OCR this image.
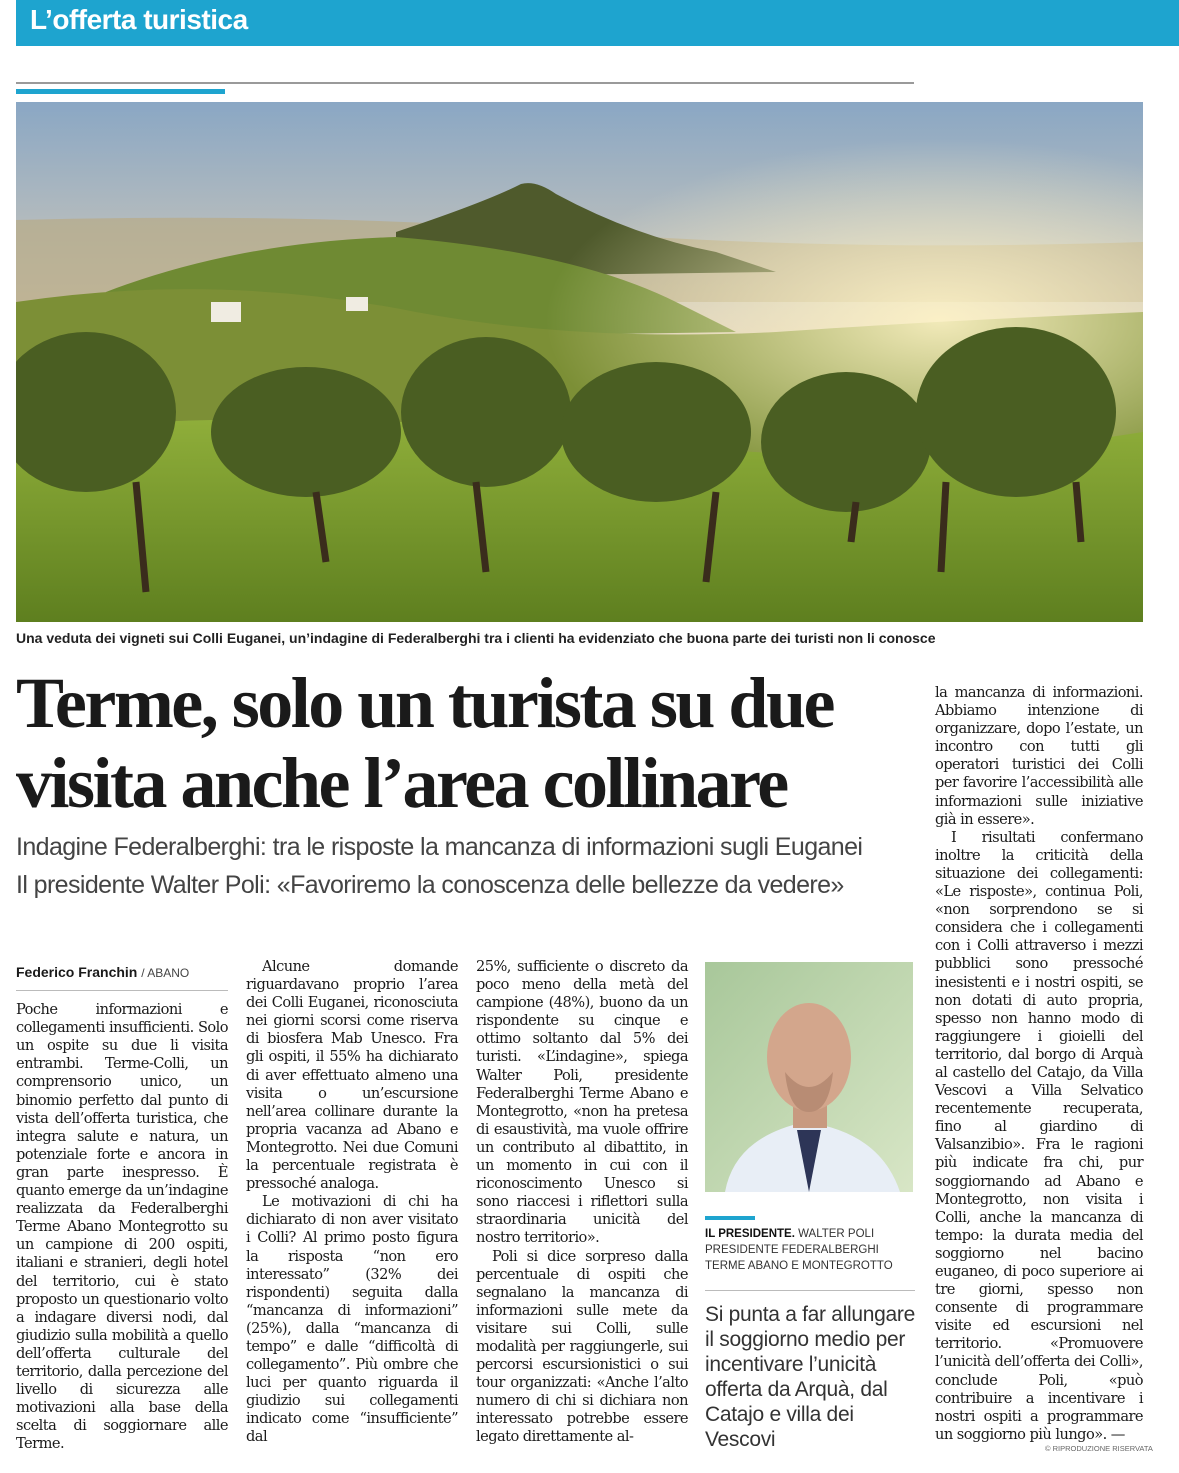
L’offerta turistica
Una veduta dei vigneti sui Colli Euganei, un’indagine di Federalberghi tra i clienti ha evidenziato che buona parte dei turisti non li conosce
Terme, solo un turista su due
visita anche l’area collinare
Indagine Federalberghi: tra le risposte la mancanza di informazioni sugli Euganei
Il presidente Walter Poli: «Favoriremo la conoscenza delle bellezze da vedere»
Federico Franchin / ABANO

Poche informazioni e collegamenti insufficienti. Solo un ospite su due li visita entrambi. Terme-Colli, un comprensorio unico, un binomio perfetto dal punto di vista dell’offerta turistica, che integra salute e natura, un potenziale forte e ancora in gran parte inespresso. È quanto emerge da un’indagine realizzata da Federalberghi Terme Abano Montegrotto su un campione di 200 ospiti, italiani e stranieri, degli hotel del territorio, cui è stato proposto un questionario volto a indagare diversi nodi, dal giudizio sulla mobilità a quello dell’offerta culturale del territorio, dalla percezione del livello di sicurezza alle motivazioni alla base della scelta di soggiornare alle Terme.

Alcune domande riguardavano proprio l’area dei Colli Euganei, riconosciuta nei giorni scorsi come riserva di biosfera Mab Unesco. Fra gli ospiti, il 55% ha dichiarato di aver effettuato almeno una visita o un’escursione nell’area collinare durante la propria vacanza ad Abano e Montegrotto. Nei due Comuni la percentuale registrata è pressoché analoga.

Le motivazioni di chi ha dichiarato di non aver visitato i Colli? Al primo posto figura la risposta “non ero interessato” (32% dei rispondenti) seguita dalla “mancanza di informazioni” (25%), dalla “mancanza di tempo” e dalle “difficoltà di collegamento”. Più ombre che luci per quanto riguarda il giudizio sui collegamenti indicato come “insufficiente” dal

25%, sufficiente o discreto da poco meno della metà del campione (48%), buono da un rispondente su cinque e ottimo soltanto dal 5% dei turisti. «L’indagine», spiega Walter Poli, presidente Federalberghi Terme Abano e Montegrotto, «non ha pretesa di esaustività, ma vuole offrire un contributo al dibattito, in un momento in cui con il riconoscimento Unesco si sono riaccesi i riflettori sulla straordinaria unicità del nostro territorio».

Poli si dice sorpreso dalla percentuale di ospiti che segnalano la mancanza di informazioni sulle mete da visitare sui Colli, sulle modalità per raggiungerle, sui percorsi escursionistici o sui tour organizzati: «Anche l’alto numero di chi si dichiara non interessato potrebbe essere legato direttamente al-

IL PRESIDENTE. WALTER POLI PRESIDENTE FEDERALBERGHI TERME ABANO E MONTEGROTTO
Si punta a far allungare il soggiorno medio per incentivare l’unicità offerta da Arquà, dal Catajo e villa dei Vescovi

la mancanza di informazioni. Abbiamo intenzione di organizzare, dopo l’estate, un incontro con tutti gli operatori turistici dei Colli per favorire l’accessibilità alle informazioni sulle iniziative già in essere».

I risultati confermano inoltre la criticità della situazione dei collegamenti: «Le risposte», continua Poli, «non sorprendono se si considera che i collegamenti con i Colli attraverso i mezzi pubblici sono pressoché inesistenti e i nostri ospiti, se non dotati di auto propria, spesso non hanno modo di raggiungere i gioielli del territorio, dal borgo di Arquà al castello del Catajo, da Villa Vescovi a Villa Selvatico recentemente recuperata, fino al giardino di Valsanzibio». Fra le ragioni più indicate fra chi, pur soggiornando ad Abano e Montegrotto, non visita i Colli, anche la mancanza di tempo: la durata media del soggiorno nel bacino euganeo, di poco superiore ai tre giorni, spesso non consente di programmare visite ed escursioni nel territorio. «Promuovere l’unicità dell’offerta dei Colli», conclude Poli, «può contribuire a incentivare i nostri ospiti a programmare un soggiorno più lungo». —

© RIPRODUZIONE RISERVATA
